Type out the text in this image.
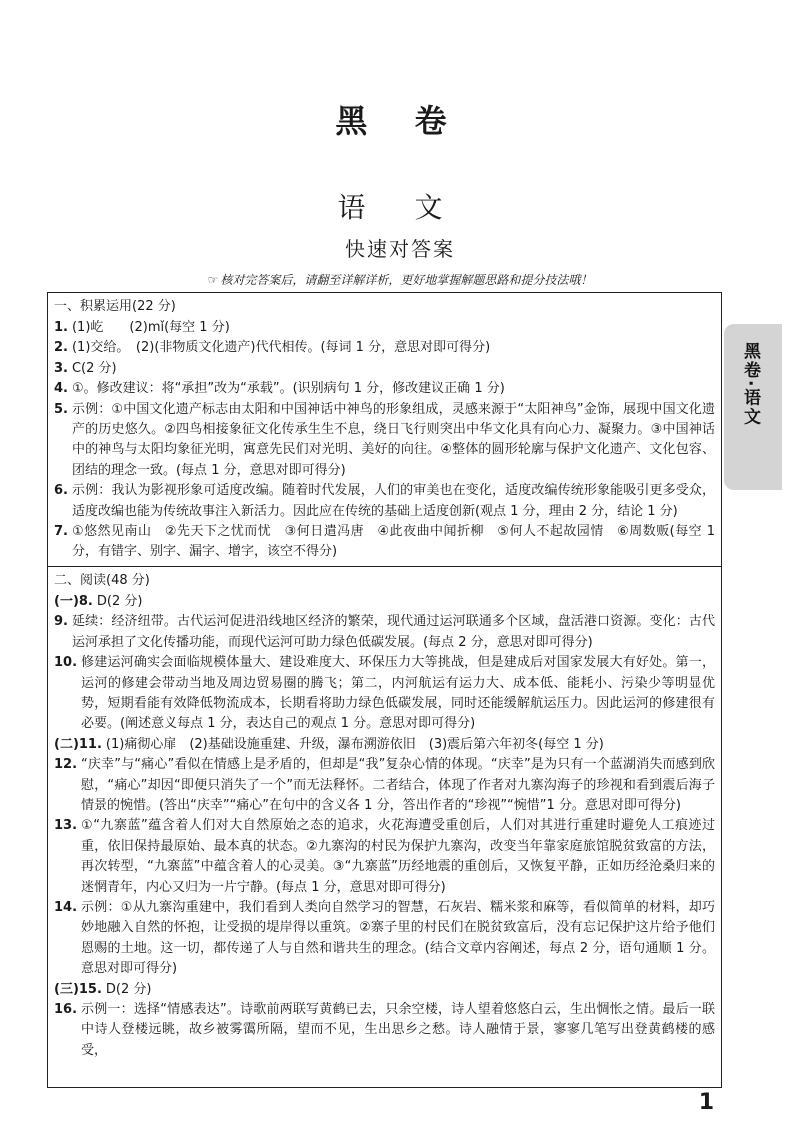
黑 卷
语 文
快速对答案
☞ 核对完答案后，请翻至详解详析，更好地掌握解题思路和提分技法哦！
黑卷·语文
一、积累运用(22 分)
1. (1)屹　　(2)mǐ(每空 1 分)
2. (1)交给。　(2)(非物质文化遗产)代代相传。(每词 1 分，意思对即可得分)
3. C(2 分)
4. ①。修改建议：将“承担”改为“承载”。(识别病句 1 分，修改建议正确 1 分)
5. 示例：①中国文化遗产标志由太阳和中国神话中神鸟的形象组成，灵感来源于“太阳神鸟”金饰，展现中国文化遗产的历史悠久。②四鸟相接象征文化传承生生不息，绕日飞行则突出中华文化具有向心力、凝聚力。③中国神话中的神鸟与太阳均象征光明，寓意先民们对光明、美好的向往。④整体的圆形轮廓与保护文化遗产、文化包容、团结的理念一致。(每点 1 分，意思对即可得分)
6. 示例：我认为影视形象可适度改编。随着时代发展，人们的审美也在变化，适度改编传统形象能吸引更多受众，适度改编也能为传统故事注入新活力。因此应在传统的基础上适度创新(观点 1 分，理由 2 分，结论 1 分)
7. ①悠然见南山　②先天下之忧而忧　③何日遣冯唐　④此夜曲中闻折柳　⑤何人不起故园情　⑥周数贩(每空 1 分，有错字、别字、漏字、增字，该空不得分)
二、阅读(48 分)
(一)8. D(2 分)
9. 延续：经济纽带。古代运河促进沿线地区经济的繁荣，现代通过运河联通多个区域，盘活港口资源。变化：古代运河承担了文化传播功能，而现代运河可助力绿色低碳发展。(每点 2 分，意思对即可得分)
10. 修建运河确实会面临规模体量大、建设难度大、环保压力大等挑战，但是建成后对国家发展大有好处。第一，运河的修建会带动当地及周边贸易圈的腾飞；第二，内河航运有运力大、成本低、能耗小、污染少等明显优势，短期看能有效降低物流成本，长期看将助力绿色低碳发展，同时还能缓解航运压力。因此运河的修建很有必要。(阐述意义每点 1 分，表达自己的观点 1 分。意思对即可得分)
(二)11. (1)痛彻心扉　(2)基础设施重建、升级，瀑布溯游依旧　(3)震后第六年初冬(每空 1 分)
12. “庆幸”与“痛心”看似在情感上是矛盾的，但却是“我”复杂心情的体现。“庆幸”是为只有一个蓝湖消失而感到欣慰，“痛心”却因“即便只消失了一个”而无法释怀。二者结合，体现了作者对九寨沟海子的珍视和看到震后海子情景的惋惜。(答出“庆幸”“痛心”在句中的含义各 1 分，答出作者的“珍视”“惋惜”1 分。意思对即可得分)
13. ①“九寨蓝”蕴含着人们对大自然原始之态的追求，火花海遭受重创后，人们对其进行重建时避免人工痕迹过重，依旧保持最原始、最本真的状态。②九寨沟的村民为保护九寨沟，改变当年靠家庭旅馆脱贫致富的方法，再次转型，“九寨蓝”中蕴含着人的心灵美。③“九寨蓝”历经地震的重创后，又恢复平静，正如历经沧桑归来的迷惘青年，内心又归为一片宁静。(每点 1 分，意思对即可得分)
14. 示例：①从九寨沟重建中，我们看到人类向自然学习的智慧，石灰岩、糯米浆和麻等，看似简单的材料，却巧妙地融入自然的怀抱，让受损的堤岸得以重筑。②寨子里的村民们在脱贫致富后，没有忘记保护这片给予他们恩赐的土地。这一切，都传递了人与自然和谐共生的理念。(结合文章内容阐述，每点 2 分，语句通顺 1 分。意思对即可得分)
(三)15. D(2 分)
16. 示例一：选择“情感表达”。诗歌前两联写黄鹤已去，只余空楼，诗人望着悠悠白云，生出惆怅之情。最后一联中诗人登楼远眺，故乡被雾霭所隔，望而不见，生出思乡之愁。诗人融情于景，寥寥几笔写出登黄鹤楼的感受，
1
